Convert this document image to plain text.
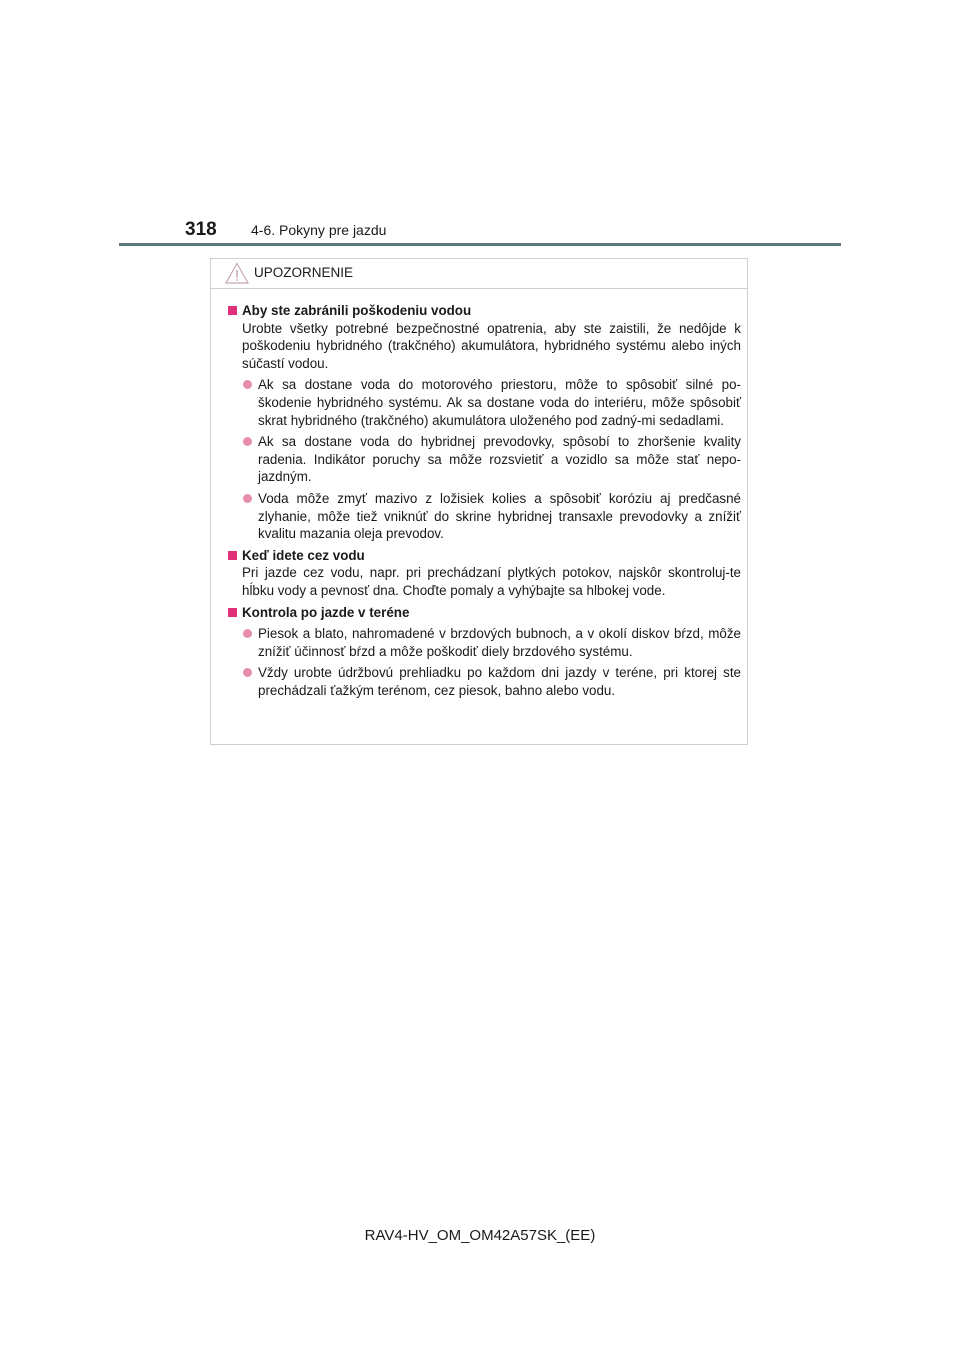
318 4-6. Pokyny pre jazdu
UPOZORNENIE
Aby ste zabránili poškodeniu vodou
Urobte všetky potrebné bezpečnostné opatrenia, aby ste zaistili, že nedôjde k poškodeniu hybridného (trakčného) akumulátora, hybridného systému alebo iných súčastí vodou.
Ak sa dostane voda do motorového priestoru, môže to spôsobiť silné po-škodenie hybridného systému. Ak sa dostane voda do interiéru, môže spôsobiť skrat hybridného (trakčného) akumulátora uloženého pod zadný-mi sedadlami.
Ak sa dostane voda do hybridnej prevodovky, spôsobí to zhoršenie kvality radenia. Indikátor poruchy sa môže rozsvietiť a vozidlo sa môže stať nepo-jazdným.
Voda môže zmyť mazivo z ložisiek kolies a spôsobiť koróziu aj predčasné zlyhanie, môže tiež vniknúť do skrine hybridnej transaxle prevodovky a znížiť kvalitu mazania oleja prevodov.
Keď idete cez vodu
Pri jazde cez vodu, napr. pri prechádzaní plytkých potokov, najskôr skontroluj-te hĺbku vody a pevnosť dna. Choďte pomaly a vyhýbajte sa hlbokej vode.
Kontrola po jazde v teréne
Piesok a blato, nahromadené v brzdových bubnoch, a v okolí diskov bŕzd, môže znížiť účinnosť bŕzd a môže poškodiť diely brzdového systému.
Vždy urobte údržbovú prehliadku po každom dni jazdy v teréne, pri ktorej ste prechádzali ťažkým terénom, cez piesok, bahno alebo vodu.
RAV4-HV_OM_OM42A57SK_(EE)
